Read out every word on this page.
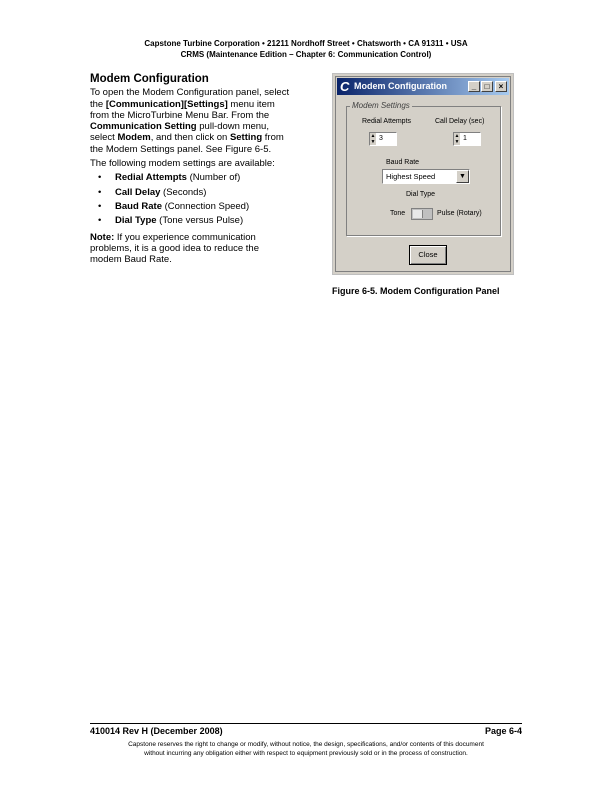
Capstone Turbine Corporation • 21211 Nordhoff Street • Chatsworth • CA 91311 • USA
CRMS (Maintenance Edition – Chapter 6: Communication Control)
Modem Configuration

To open the Modem Configuration panel, select the [Communication][Settings] menu item from the MicroTurbine Menu Bar. From the Communication Setting pull-down menu, select Modem, and then click on Setting from the Modem Settings panel. See Figure 6-5.

The following modem settings are available:

• Redial Attempts (Number of)
• Call Delay (Seconds)
• Baud Rate (Connection Speed)
• Dial Type (Tone versus Pulse)

Note: If you experience communication problems, it is a good idea to reduce the modem Baud Rate.

C Modem Configuration	_	□	×
Modem Settings
Redial Attempts	Call Delay (sec)
▲
▼ 3	▲
▼ 1
Baud Rate
Highest Speed	▼
Dial Type
Tone	Pulse (Rotary)
Close
Figure 6-5. Modem Configuration Panel
410014 Rev H (December 2008)	Page 6-4
Capstone reserves the right to change or modify, without notice, the design, specifications, and/or contents of this document
without incurring any obligation either with respect to equipment previously sold or in the process of construction.
